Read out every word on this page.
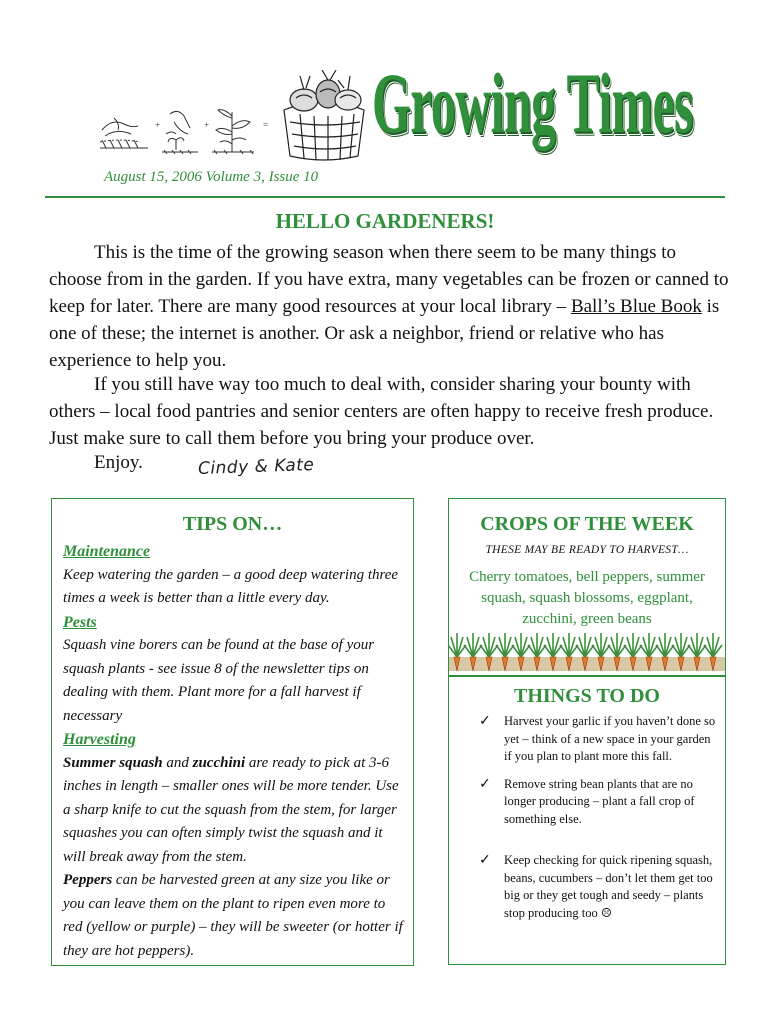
+	+	= Growing Times
August 15, 2006 Volume 3, Issue 10
HELLO GARDENERS!

This is the time of the growing season when there seem to be many things to choose from in the garden. If you have extra, many vegetables can be frozen or canned to keep for later. There are many good resources at your local library – Ball’s Blue Book is one of these; the internet is another. Or ask a neighbor, friend or relative who has experience to help you.

If you still have way too much to deal with, consider sharing your bounty with others – local food pantries and senior centers are often happy to receive fresh produce. Just make sure to call them before you bring your produce over.

Enjoy.	Cindy & Kate
TIPS ON…
Maintenance
Keep watering the garden – a good deep watering three times a week is better than a little every day.
Pests
Squash vine borers can be found at the base of your squash plants - see issue 8 of the newsletter tips on dealing with them. Plant more for a fall harvest if necessary
Harvesting
Summer squash and zucchini are ready to pick at 3-6 inches in length – smaller ones will be more tender. Use a sharp knife to cut the squash from the stem, for larger squashes you can often simply twist the squash and it will break away from the stem.
Peppers can be harvested green at any size you like or you can leave them on the plant to ripen even more to red (yellow or purple) – they will be sweeter (or hotter if they are hot peppers).
CROPS OF THE WEEK
THESE MAY BE READY TO HARVEST…
Cherry tomatoes, bell peppers, summer squash, squash blossoms, eggplant, zucchini, green beans
THINGS TO DO
✓ Harvest your garlic if you haven’t done so yet – think of a new space in your garden if you plan to plant more this fall.
✓ Remove string bean plants that are no longer producing – plant a fall crop of something else.
✓ Keep checking for quick ripening squash, beans, cucumbers – don’t let them get too big or they get tough and seedy – plants stop producing too ☹
